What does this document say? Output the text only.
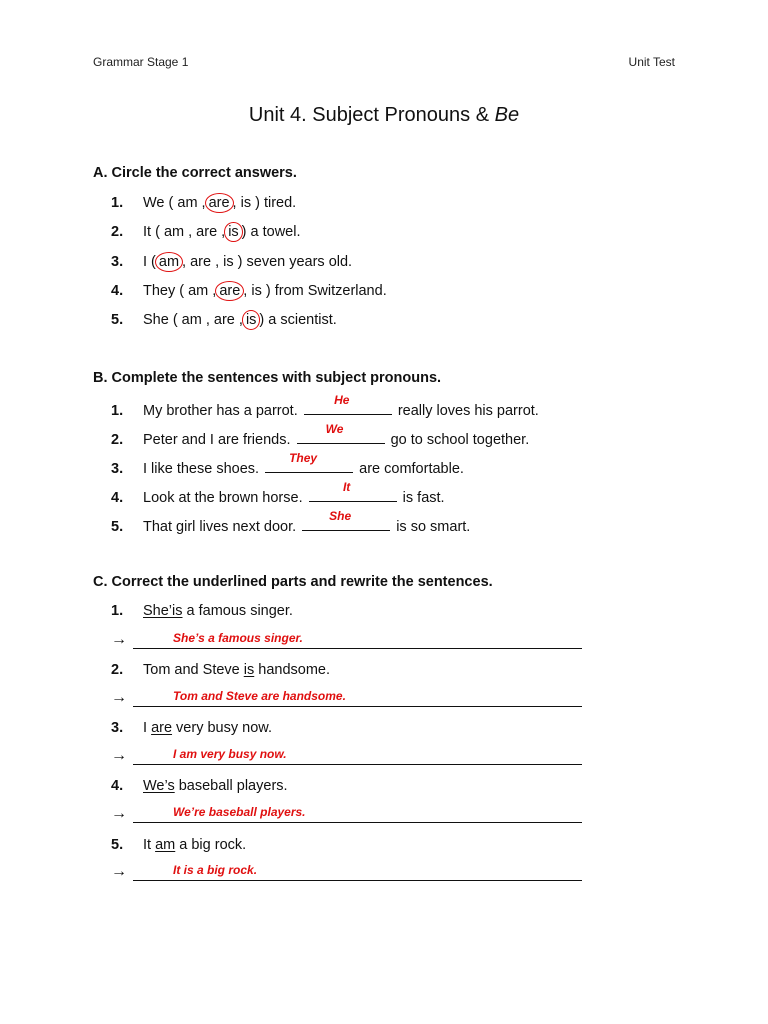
Grammar Stage 1	Unit Test
Unit 4. Subject Pronouns & Be
A. Circle the correct answers.
1. We ( am , are , is ) tired.
2. It ( am , are , is ) a towel.
3. I ( am , are , is ) seven years old.
4. They ( am , are , is ) from Switzerland.
5. She ( am , are , is ) a scientist.
B. Complete the sentences with subject pronouns.
1. My brother has a parrot.
He
really loves his parrot.
2. Peter and I are friends.
We
go to school together.
3. I like these shoes.
They
are comfortable.
4. Look at the brown horse.
It
is fast.
5. That girl lives next door.
She
is so smart.
C. Correct the underlined parts and rewrite the sentences.
1. She’is a famous singer.
→	She’s a famous singer.
2. Tom and Steve is handsome.
→	Tom and Steve are handsome.
3. I are very busy now.
→	I am very busy now.
4. We’s baseball players.
→	We’re baseball players.
5. It am a big rock.
→	It is a big rock.
